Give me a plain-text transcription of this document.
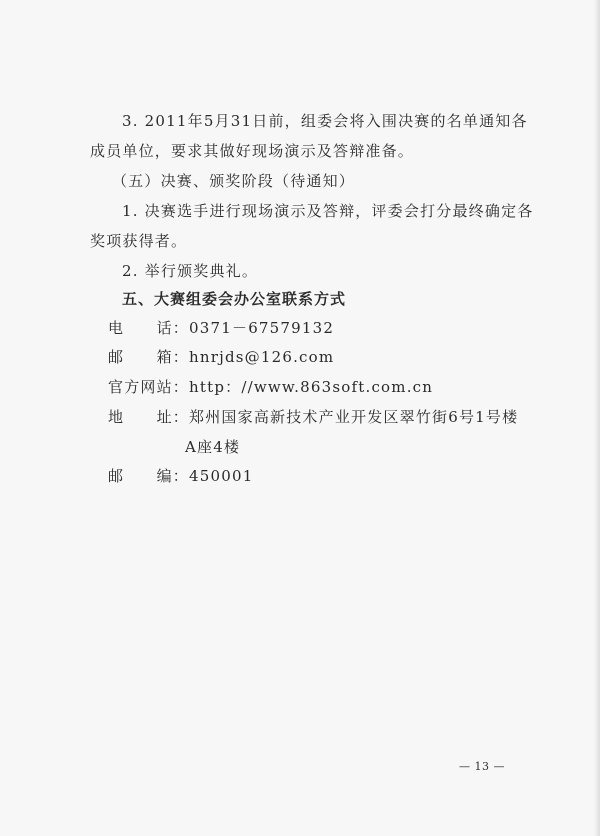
3. 2011年5月31日前，组委会将入围决赛的名单通知各
成员单位，要求其做好现场演示及答辩准备。
（五）决赛、颁奖阶段（待通知）
1. 决赛选手进行现场演示及答辩，评委会打分最终确定各
奖项获得者。
2. 举行颁奖典礼。
五、大赛组委会办公室联系方式
电　　话：0371－67579132
邮　　箱：hnrjds@126.com
官方网站：http：//www.863soft.com.cn
地　　址：郑州国家高新技术产业开发区翠竹街6号1号楼
A座4楼
邮　　编：450001
— 13 —
